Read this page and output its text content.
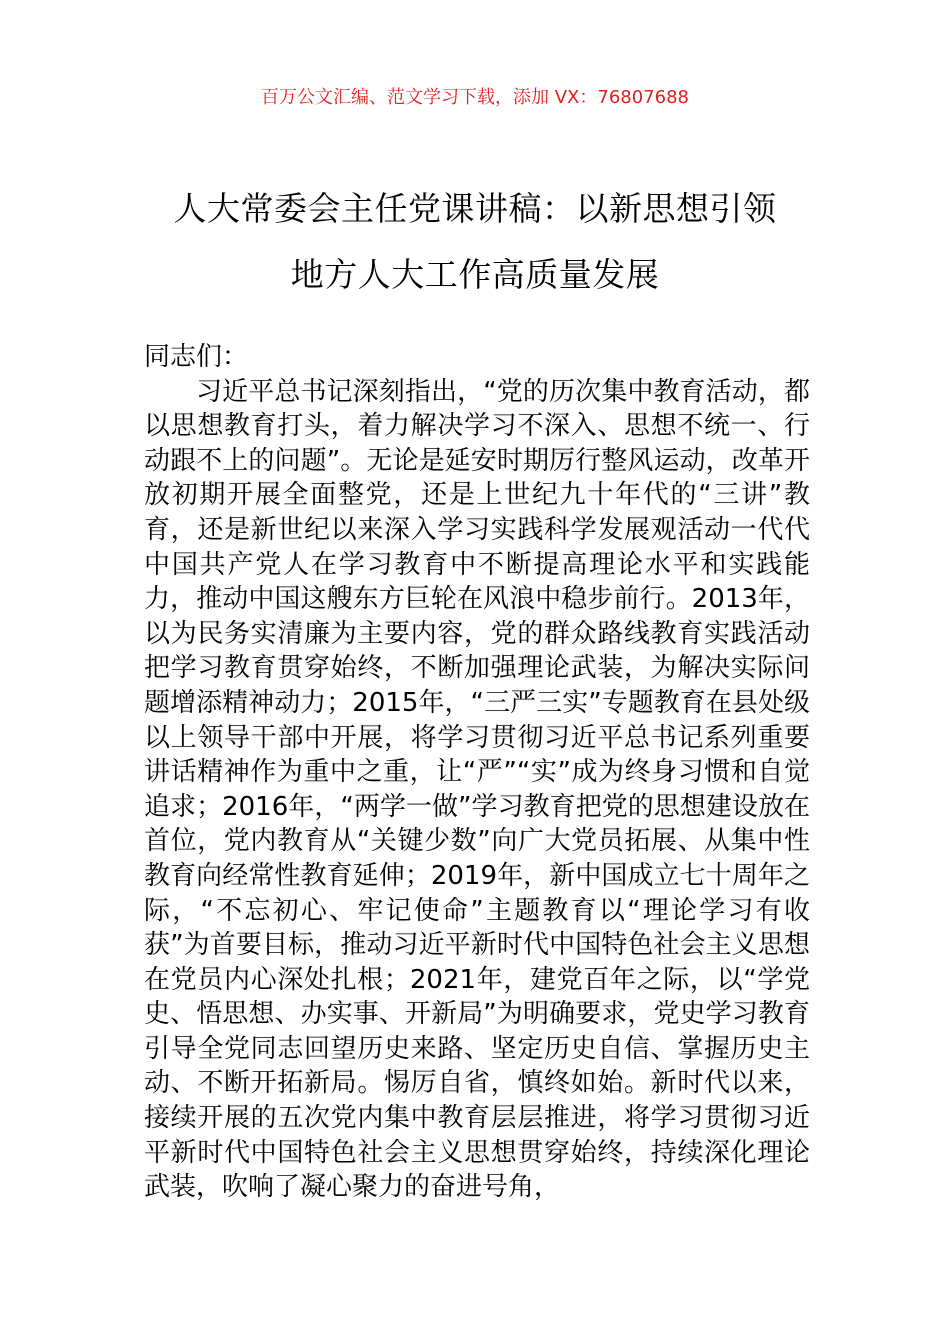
百万公文汇编、范文学习下载，添加 VX：76807688
人大常委会主任党课讲稿：以新思想引领
地方人大工作高质量发展

同志们：

习近平总书记深刻指出，“党的历次集中教育活动，都以思想教育打头，着力解决学习不深入、思想不统一、行动跟不上的问题”。无论是延安时期厉行整风运动，改革开放初期开展全面整党，还是上世纪九十年代的“三讲”教育，还是新世纪以来深入学习实践科学发展观活动一代代中国共产党人在学习教育中不断提高理论水平和实践能力，推动中国这艘东方巨轮在风浪中稳步前行。2013年，以为民务实清廉为主要内容，党的群众路线教育实践活动把学习教育贯穿始终，不断加强理论武装，为解决实际问题增添精神动力；2015年，“三严三实”专题教育在县处级以上领导干部中开展，将学习贯彻习近平总书记系列重要讲话精神作为重中之重，让“严”“实”成为终身习惯和自觉追求；2016年，“两学一做”学习教育把党的思想建设放在首位，党内教育从“关键少数”向广大党员拓展、从集中性教育向经常性教育延伸；2019年，新中国成立七十周年之际，“不忘初心、牢记使命”主题教育以“理论学习有收获”为首要目标，推动习近平新时代中国特色社会主义思想在党员内心深处扎根；2021年，建党百年之际，以“学党史、悟思想、办实事、开新局”为明确要求，党史学习教育引导全党同志回望历史来路、坚定历史自信、掌握历史主动、不断开拓新局。惕厉自省，慎终如始。新时代以来，接续开展的五次党内集中教育层层推进，将学习贯彻习近平新时代中国特色社会主义思想贯穿始终，持续深化理论武装，吹响了凝心聚力的奋进号角，
